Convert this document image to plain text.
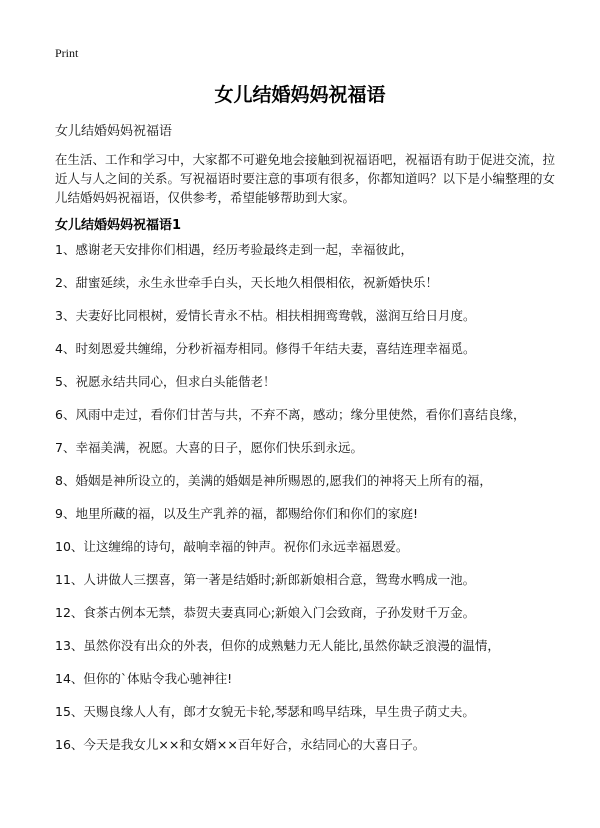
Print
女儿结婚妈妈祝福语
女儿结婚妈妈祝福语
在生活、工作和学习中，大家都不可避免地会接触到祝福语吧，祝福语有助于促进交流，拉近人与人之间的关系。写祝福语时要注意的事项有很多，你都知道吗？以下是小编整理的女儿结婚妈妈祝福语，仅供参考，希望能够帮助到大家。
女儿结婚妈妈祝福语1
1、感谢老天安排你们相遇，经历考验最终走到一起，幸福彼此，
2、甜蜜延续，永生永世牵手白头，天长地久相偎相依，祝新婚快乐！
3、夫妻好比同根树，爱情长青永不枯。相扶相拥鸾鸯戟，滋润互给日月度。
4、时刻恩爱共缠绵，分秒祈福寿相同。修得千年结夫妻，喜结连理幸福觅。
5、祝愿永结共同心，但求白头能偕老！
6、风雨中走过，看你们甘苦与共，不弃不离，感动；缘分里使然，看你们喜结良缘，
7、幸福美满，祝愿。大喜的日子，愿你们快乐到永远。
8、婚姻是神所设立的，美满的婚姻是神所赐恩的,愿我们的神将天上所有的福，
9、地里所藏的福，以及生产乳养的福，都赐给你们和你们的家庭!
10、让这缠绵的诗句，敲响幸福的钟声。祝你们永远幸福恩爱。
11、人讲做人三摆喜，第一著是结婚时;新郎新娘相合意，鸳鸯水鸭成一池。
12、食茶古例本无禁，恭贺夫妻真同心;新娘入门会致商，子孙发财千万金。
13、虽然你没有出众的外表，但你的成熟魅力无人能比,虽然你缺乏浪漫的温情，
14、但你的`体贴令我心驰神往!
15、天赐良缘人人有，郎才女貌无卡轮,琴瑟和鸣早结珠，早生贵子荫丈夫。
16、今天是我女儿××和女婿××百年好合，永结同心的大喜日子。
